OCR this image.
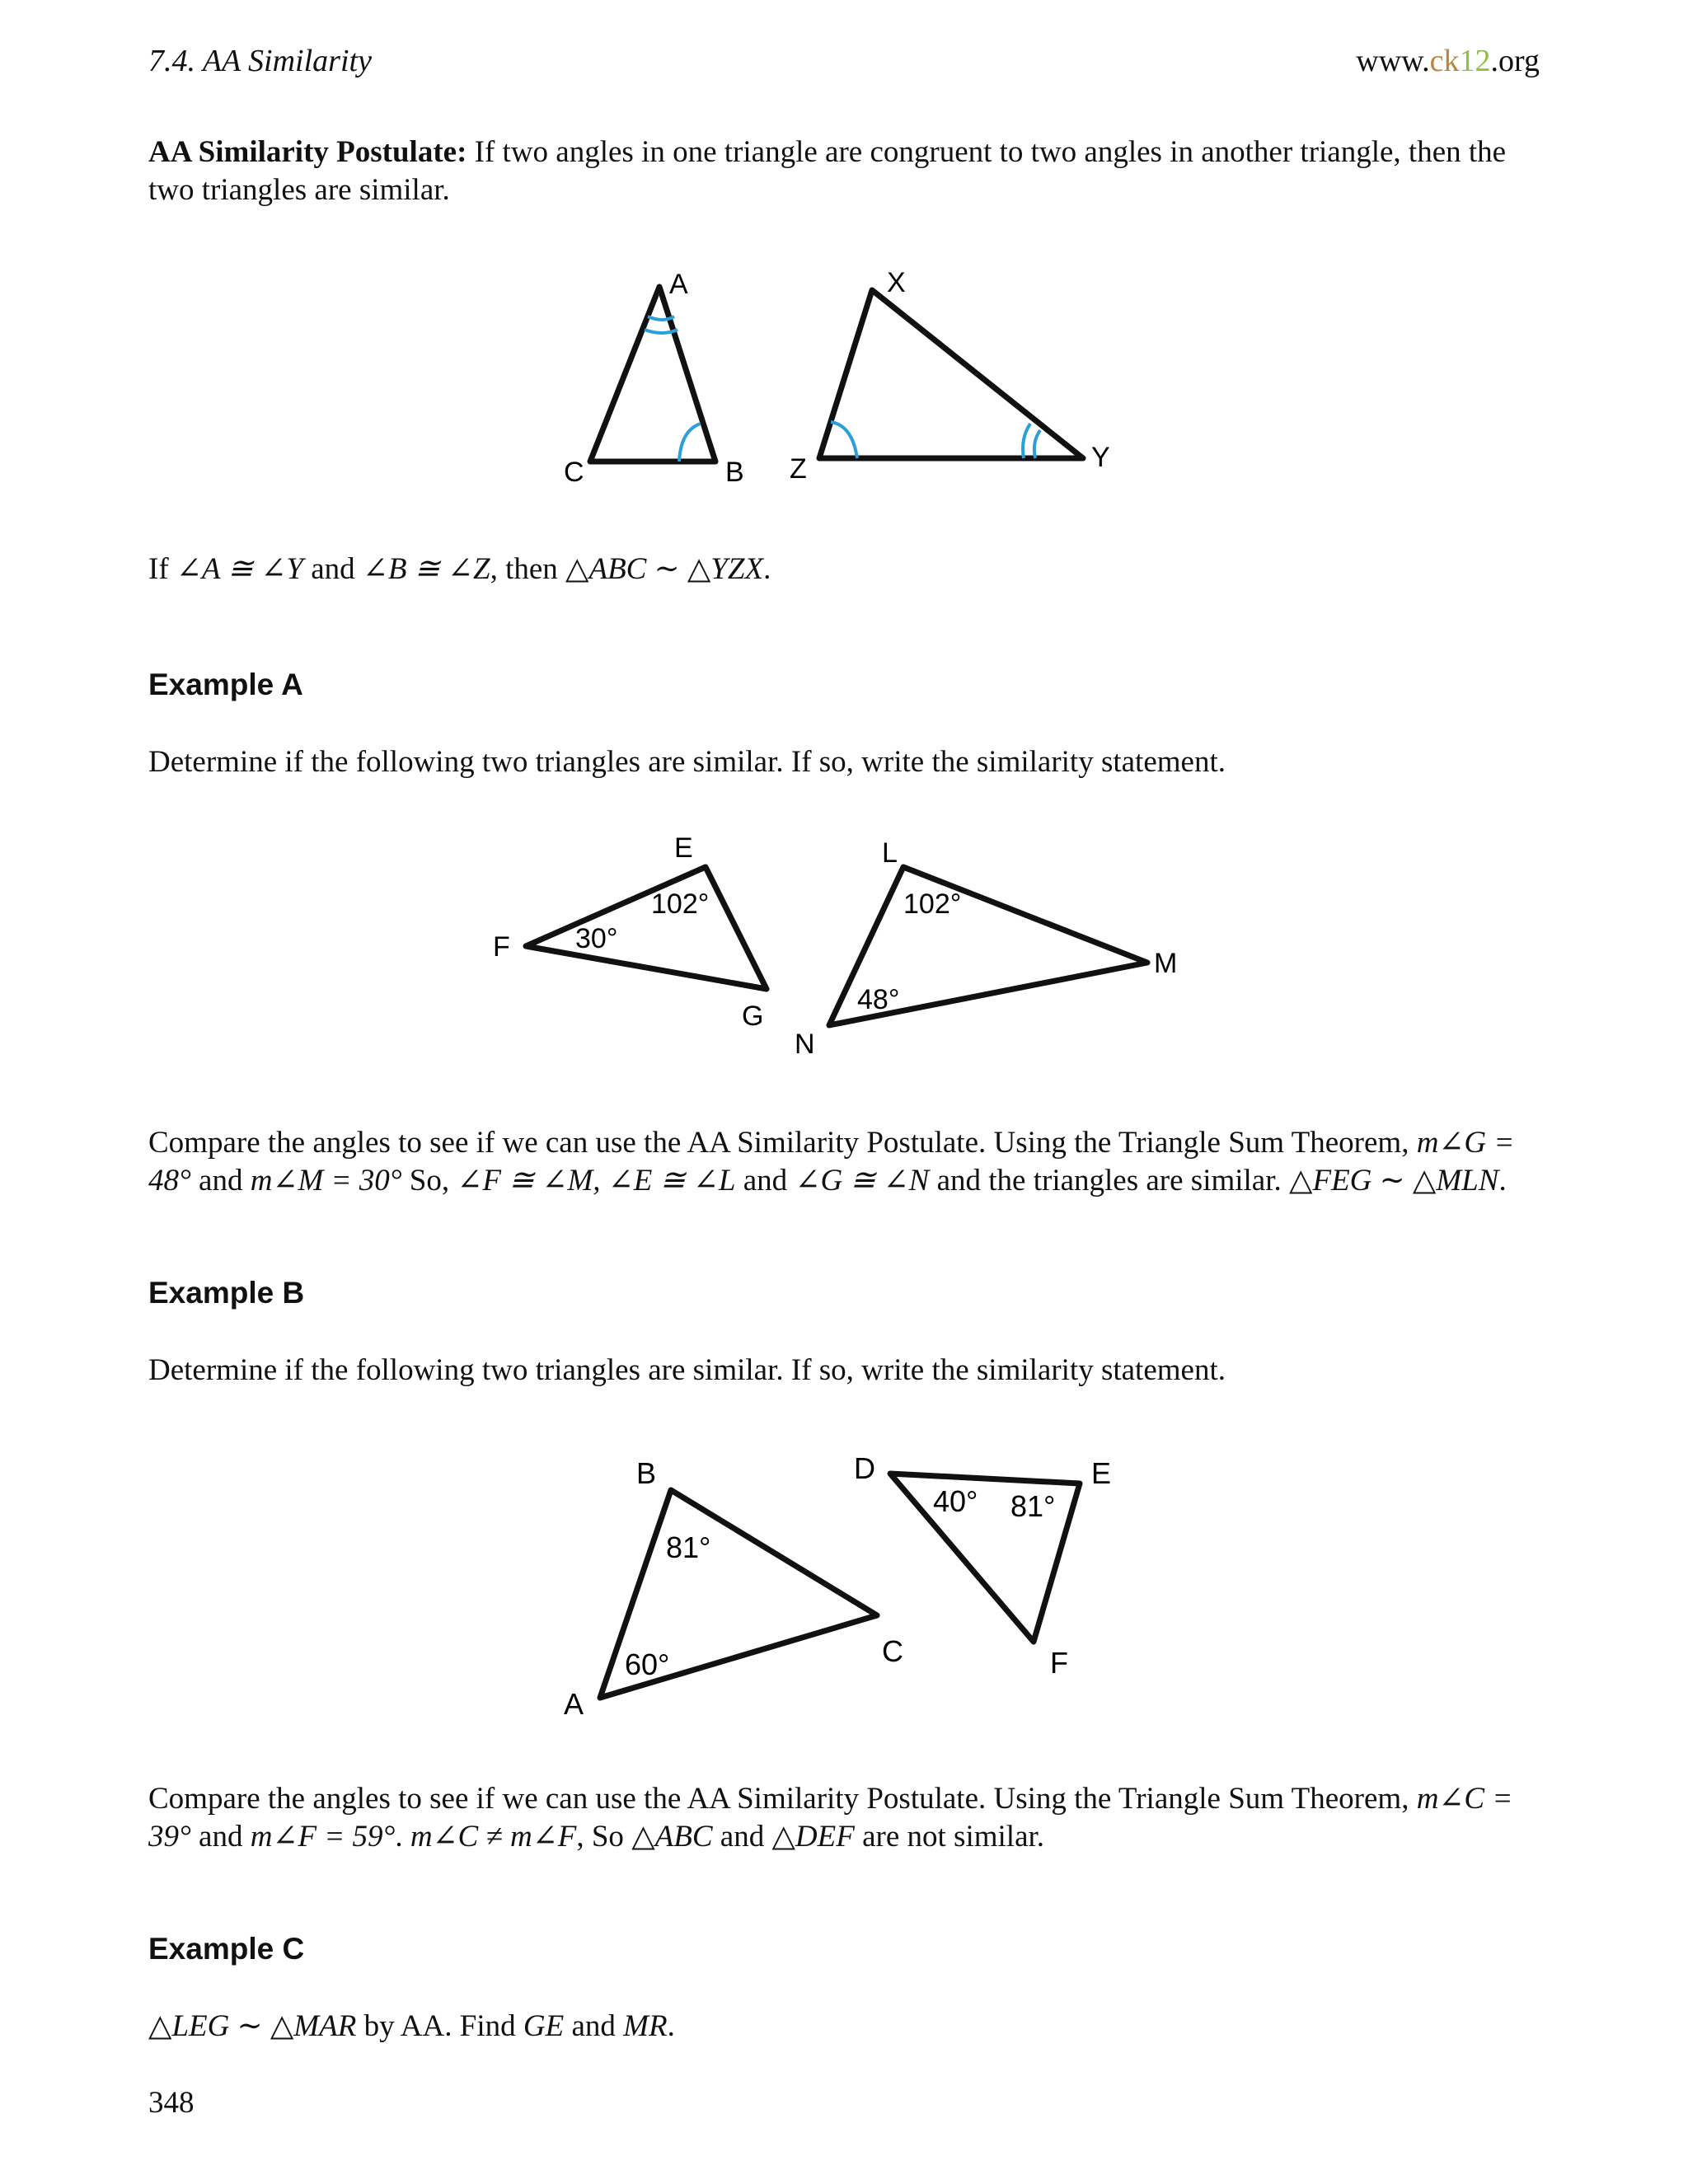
7.4. AA Similarity	www.ck12.org
AA Similarity Postulate: If two angles in one triangle are congruent to two angles in another triangle, then the two triangles are similar.
A
C	B
X
Y
Z
E
F
G
102°
30°
L
M
N
102°
48°
B
C
A
81°
60°
D	E
F
40° 81°
If ∠A ≅ ∠Y and ∠B ≅ ∠Z, then △ABC ∼ △YZX.
Example A
Determine if the following two triangles are similar. If so, write the similarity statement.
Compare the angles to see if we can use the AA Similarity Postulate. Using the Triangle Sum Theorem, m∠G = 48° and m∠M = 30° So, ∠F ≅ ∠M, ∠E ≅ ∠L and ∠G ≅ ∠N and the triangles are similar. △FEG ∼ △MLN.
Example B
Determine if the following two triangles are similar. If so, write the similarity statement.
Compare the angles to see if we can use the AA Similarity Postulate. Using the Triangle Sum Theorem, m∠C = 39° and m∠F = 59°. m∠C ≠ m∠F, So △ABC and △DEF are not similar.
Example C
△LEG ∼ △MAR by AA. Find GE and MR.
348
